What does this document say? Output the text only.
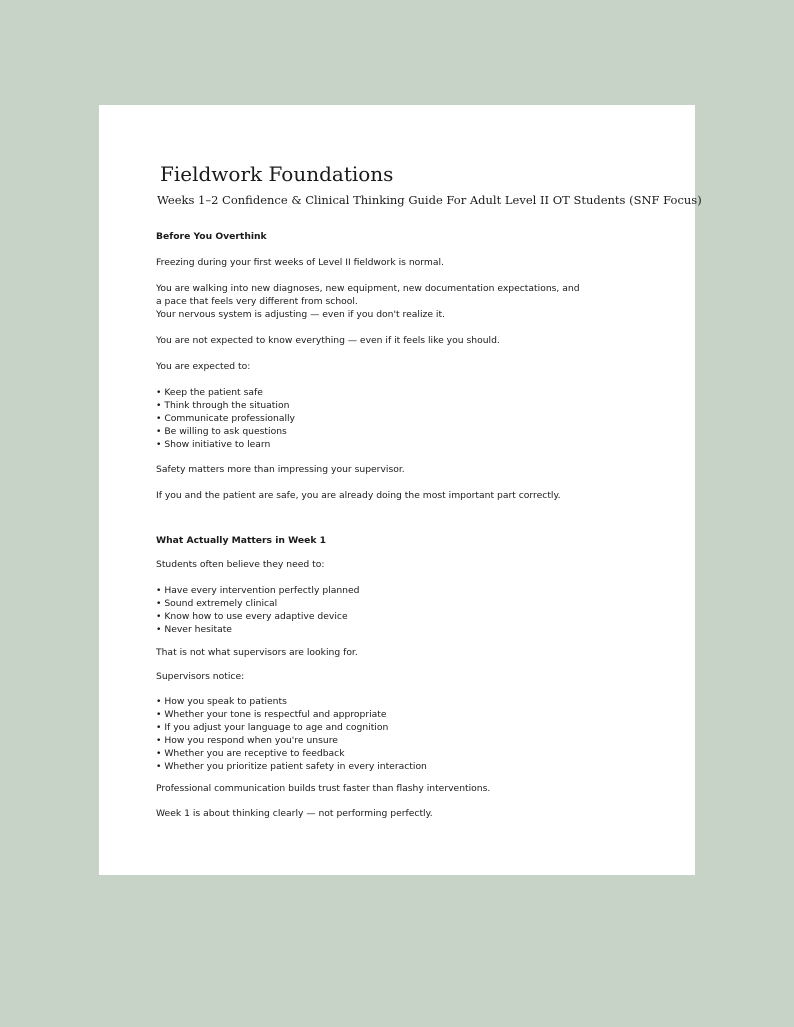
Fieldwork Foundations
Weeks 1–2 Confidence & Clinical Thinking Guide For Adult Level II OT Students (SNF Focus)

Before You Overthink

Freezing during your first weeks of Level II fieldwork is normal.

You are walking into new diagnoses, new equipment, new documentation expectations, and
a pace that feels very different from school.
Your nervous system is adjusting — even if you don't realize it.

You are not expected to know everything — even if it feels like you should.

You are expected to:

• Keep the patient safe
• Think through the situation
• Communicate professionally
• Be willing to ask questions
• Show initiative to learn

Safety matters more than impressing your supervisor.

If you and the patient are safe, you are already doing the most important part correctly.

What Actually Matters in Week 1

Students often believe they need to:

• Have every intervention perfectly planned
• Sound extremely clinical
• Know how to use every adaptive device
• Never hesitate

That is not what supervisors are looking for.

Supervisors notice:

• How you speak to patients
• Whether your tone is respectful and appropriate
• If you adjust your language to age and cognition
• How you respond when you're unsure
• Whether you are receptive to feedback
• Whether you prioritize patient safety in every interaction

Professional communication builds trust faster than flashy interventions.

Week 1 is about thinking clearly — not performing perfectly.
